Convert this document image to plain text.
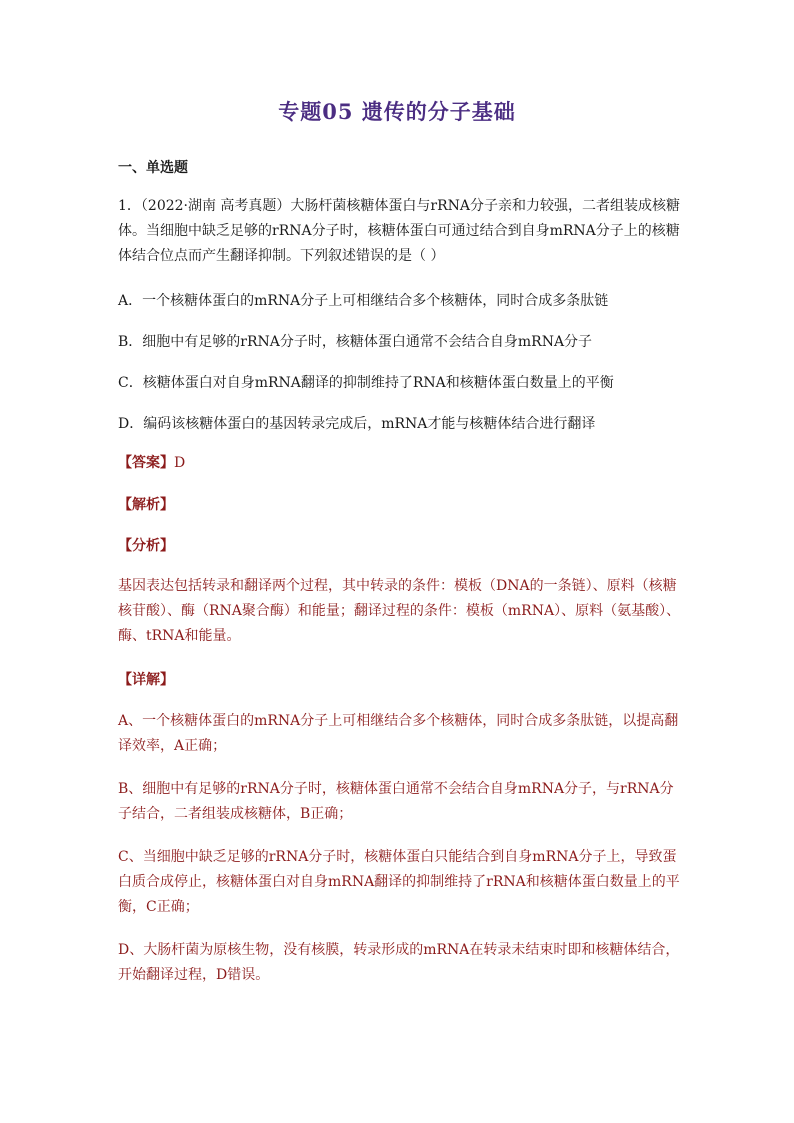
专题05 遗传的分子基础
一、单选题
1．（2022·湖南 高考真题）大肠杆菌核糖体蛋白与rRNA分子亲和力较强，二者组装成核糖体。当细胞中缺乏足够的rRNA分子时，核糖体蛋白可通过结合到自身mRNA分子上的核糖体结合位点而产生翻译抑制。下列叙述错误的是（ ）
A．一个核糖体蛋白的mRNA分子上可相继结合多个核糖体，同时合成多条肽链
B．细胞中有足够的rRNA分子时，核糖体蛋白通常不会结合自身mRNA分子
C．核糖体蛋白对自身mRNA翻译的抑制维持了RNA和核糖体蛋白数量上的平衡
D．编码该核糖体蛋白的基因转录完成后，mRNA才能与核糖体结合进行翻译
【答案】D
【解析】
【分析】
基因表达包括转录和翻译两个过程，其中转录的条件：模板（DNA的一条链）、原料（核糖核苷酸）、酶（RNA聚合酶）和能量；翻译过程的条件：模板（mRNA）、原料（氨基酸）、酶、tRNA和能量。
【详解】
A、一个核糖体蛋白的mRNA分子上可相继结合多个核糖体，同时合成多条肽链，以提高翻译效率，A正确；
B、细胞中有足够的rRNA分子时，核糖体蛋白通常不会结合自身mRNA分子，与rRNA分子结合，二者组装成核糖体，B正确；
C、当细胞中缺乏足够的rRNA分子时，核糖体蛋白只能结合到自身mRNA分子上，导致蛋白质合成停止，核糖体蛋白对自身mRNA翻译的抑制维持了rRNA和核糖体蛋白数量上的平衡，C正确；
D、大肠杆菌为原核生物，没有核膜，转录形成的mRNA在转录未结束时即和核糖体结合，开始翻译过程，D错误。
